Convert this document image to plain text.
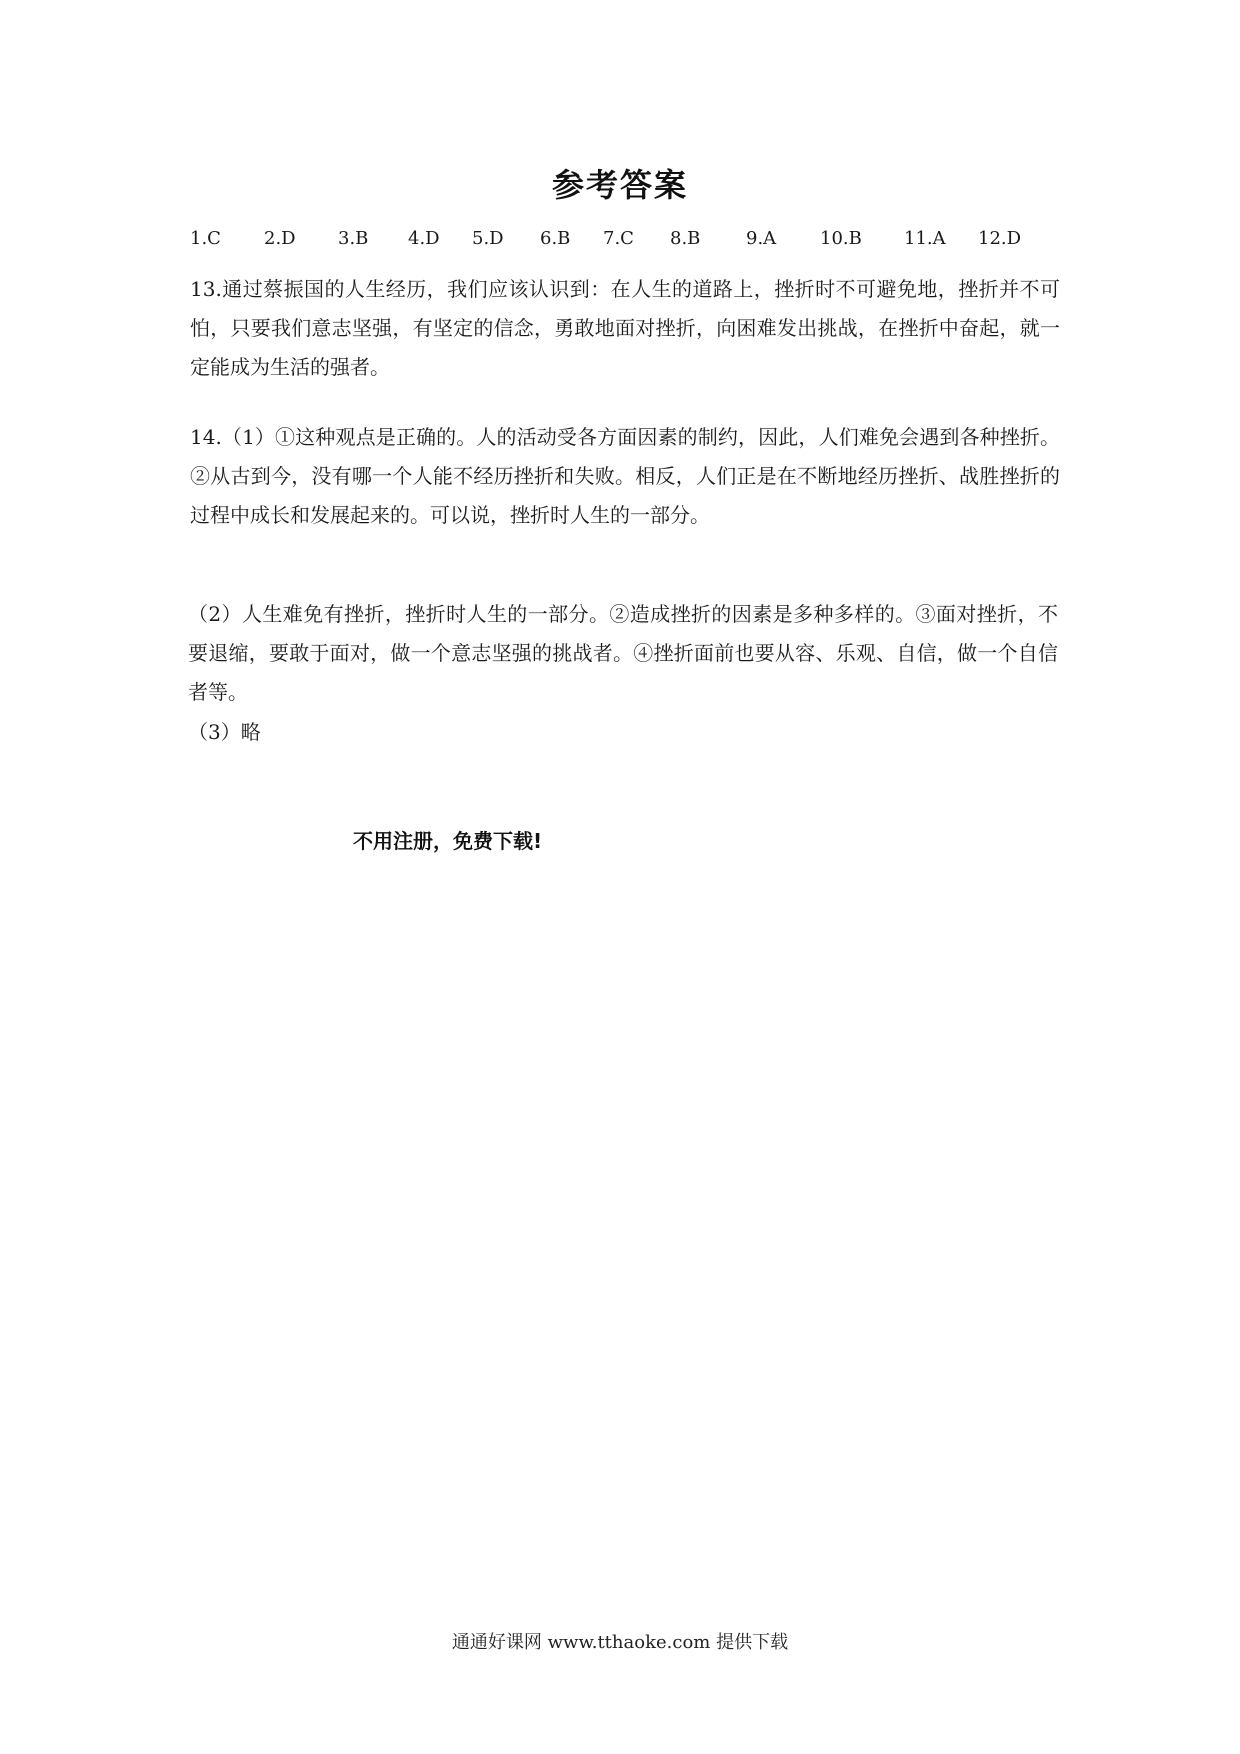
参考答案
1.C 2.D 3.B 4.D 5.D 6.B 7.C 8.B	9.A 10.B 11.A 12.D
13.通过蔡振国的人生经历，我们应该认识到：在人生的道路上，挫折时不可避免地，挫折并不可怕，只要我们意志坚强，有坚定的信念，勇敢地面对挫折，向困难发出挑战，在挫折中奋起，就一定能成为生活的强者。
14.（1）①这种观点是正确的。人的活动受各方面因素的制约，因此，人们难免会遇到各种挫折。②从古到今，没有哪一个人能不经历挫折和失败。相反，人们正是在不断地经历挫折、战胜挫折的过程中成长和发展起来的。可以说，挫折时人生的一部分。
（2）人生难免有挫折，挫折时人生的一部分。②造成挫折的因素是多种多样的。③面对挫折，不要退缩，要敢于面对，做一个意志坚强的挑战者。④挫折面前也要从容、乐观、自信，做一个自信者等。
（3）略
不用注册，免费下载!
通通好课网 www.tthaoke.com 提供下载
